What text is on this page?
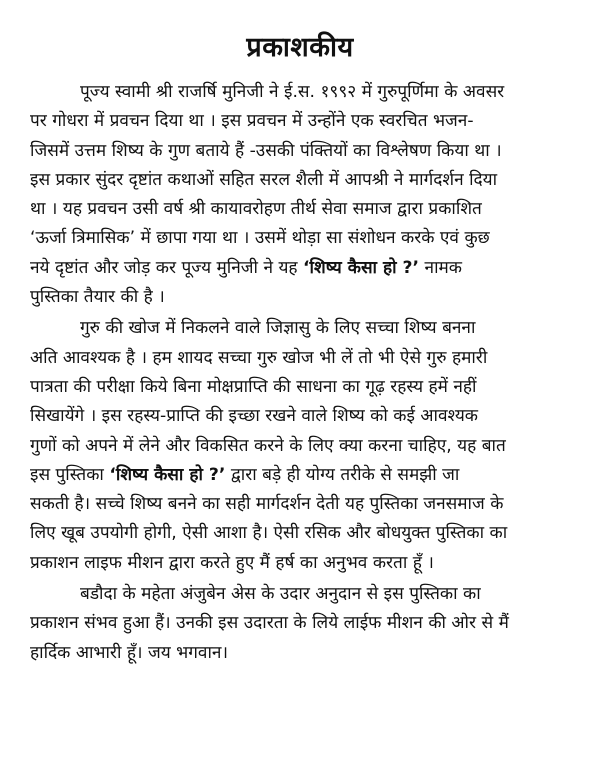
प्रकाशकीय
पूज्य स्वामी श्री राजर्षि मुनिजी ने ई.स. १९९२ में गुरुपूर्णिमा के अवसर
पर गोधरा में प्रवचन दिया था । इस प्रवचन में उन्होंने एक स्वरचित भजन-
जिसमें उत्तम शिष्य के गुण बताये हैं -उसकी पंक्तियों का विश्लेषण किया था ।
इस प्रकार सुंदर दृष्टांत कथाओं सहित सरल शैली में आपश्री ने मार्गदर्शन दिया
था । यह प्रवचन उसी वर्ष श्री कायावरोहण तीर्थ सेवा समाज द्वारा प्रकाशित
‘ऊर्जा त्रिमासिक’ में छापा गया था । उसमें थोड़ा सा संशोधन करके एवं कुछ
नये दृष्टांत और जोड़ कर पूज्य मुनिजी ने यह ‘शिष्य कैसा हो ?’ नामक
पुस्तिका तैयार की है ।
गुरु की खोज में निकलने वाले जिज्ञासु के लिए सच्चा शिष्य बनना
अति आवश्यक है । हम शायद सच्चा गुरु खोज भी लें तो भी ऐसे गुरु हमारी
पात्रता की परीक्षा किये बिना मोक्षप्राप्ति की साधना का गूढ़ रहस्य हमें नहीं
सिखायेंगे । इस रहस्य-प्राप्ति की इच्छा रखने वाले शिष्य को कई आवश्यक
गुणों को अपने में लेने और विकसित करने के लिए क्या करना चाहिए, यह बात
इस पुस्तिका ‘शिष्य कैसा हो ?’ द्वारा बड़े ही योग्य तरीके से समझी जा
सकती है। सच्चे शिष्य बनने का सही मार्गदर्शन देती यह पुस्तिका जनसमाज के
लिए खूब उपयोगी होगी, ऐसी आशा है। ऐसी रसिक और बोधयुक्त पुस्तिका का
प्रकाशन लाइफ मीशन द्वारा करते हुए मैं हर्ष का अनुभव करता हूँ ।
बडौदा के महेता अंजुबेन अेस के उदार अनुदान से इस पुस्तिका का
प्रकाशन संभव हुआ हैं। उनकी इस उदारता के लिये लाईफ मीशन की ओर से मैं
हार्दिक आभारी हूँ। जय भगवान।
